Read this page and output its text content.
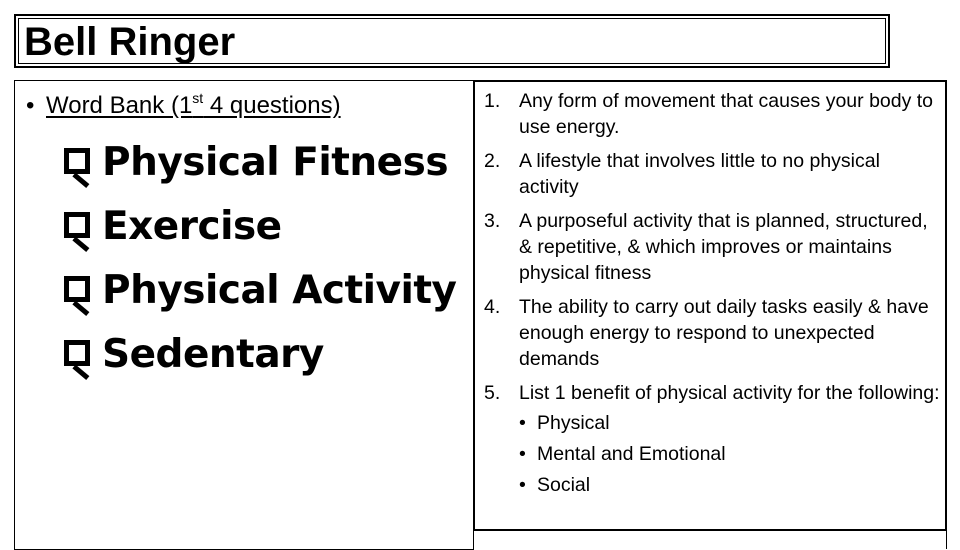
Bell Ringer
• Word Bank (1st 4 questions)
Physical Fitness
Exercise
Physical Activity
Sedentary
1. Any form of movement that causes your body to use energy.
2. A lifestyle that involves little to no physical activity
3. A purposeful activity that is planned, structured, & repetitive, & which improves or maintains physical fitness
4. The ability to carry out daily tasks easily & have enough energy to respond to unexpected demands
5. List 1 benefit of physical activity for the following:
• Physical
• Mental and Emotional
• Social
